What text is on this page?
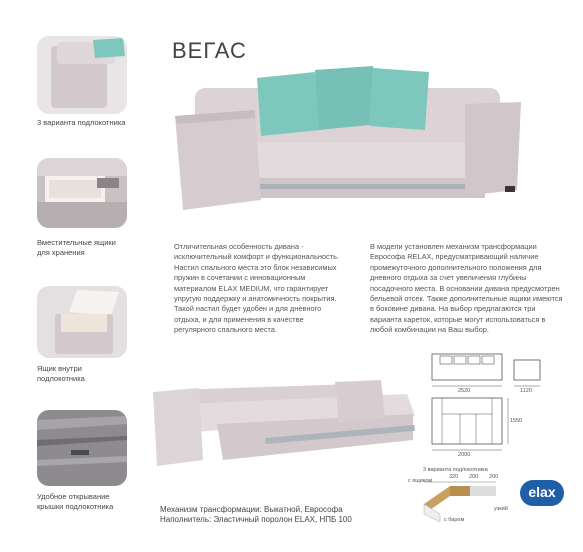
ВЕГАС
3 варианта подлокотника
Вместительные ящики для хранения
Ящик внутри подлокотника
Удобное открывание крышки подлокотника
Отличительная особенность дивана - исключительный комфорт и функциональность. Настил спального места это блок независимых пружин в сочетании с инновационным материалом ELAX MEDIUM, что гарантирует упругую поддержку и анатомичность покрытия. Такой настил будет удобен и для дневного отдыха, и для применения в качестве регулярного спального места.
В модели установлен механизм трансформации Еврософа RELAX, предусматривающий наличие промежуточного дополнительного положения для дневного отдыха за счет увеличения глубины посадочного места. В основании дивана предусмотрен бельевой отсек. Также дополнительные ящики имеются в боковине дивана. На выбор предлагаются три варианта кареток, которые могут использоваться в любой комбинации на Ваш выбор.
2520	1120
2000
1550
3 варианта подлокотника
320 200 200
с ящиком
узкий
с баром
Механизм трансформации: Выкатной, Еврософа
Наполнитель: Эластичный поролон ELAX, НПБ 100
elax
